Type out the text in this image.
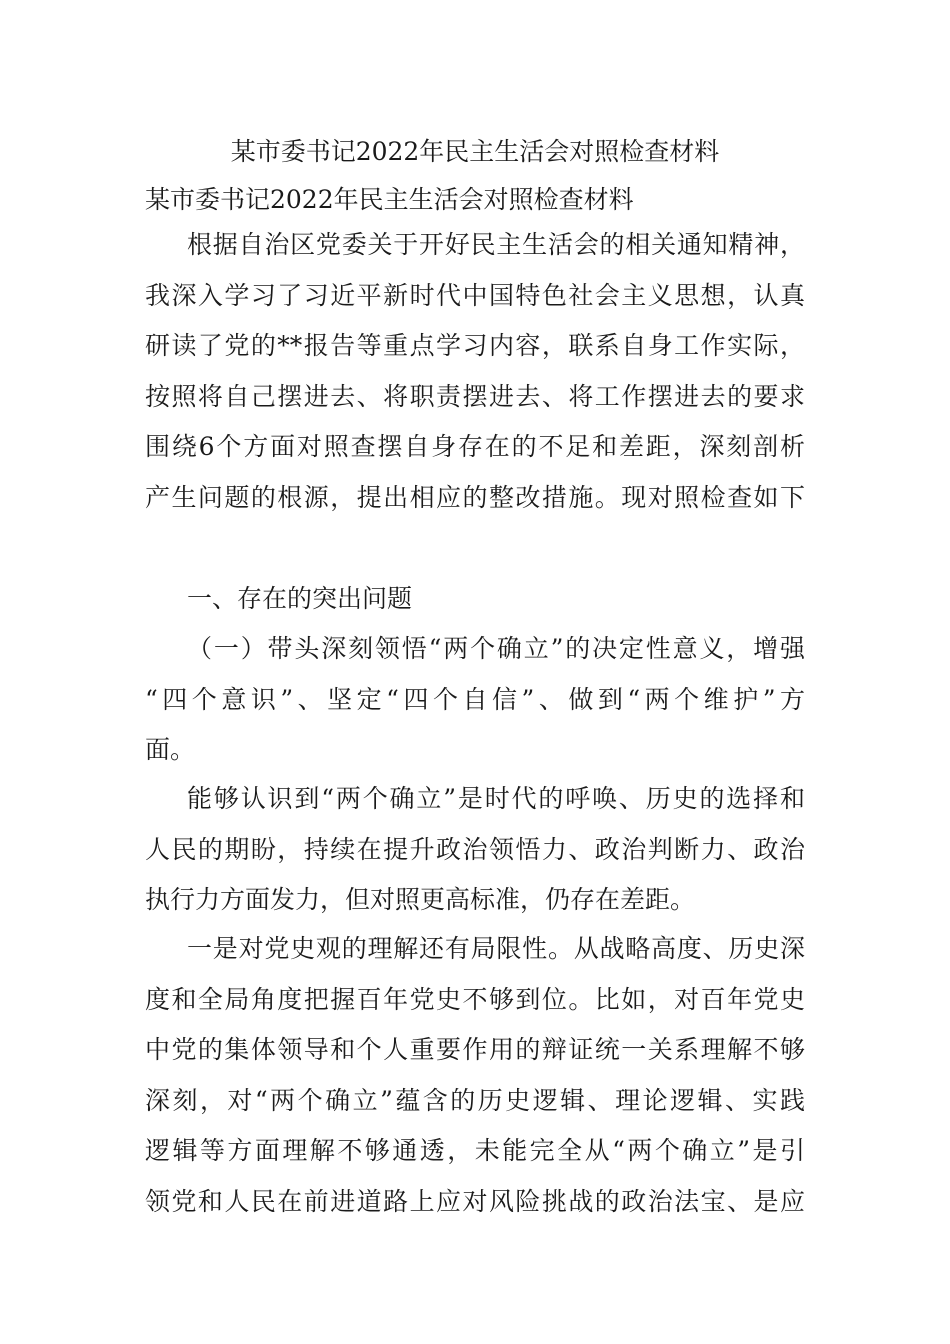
某市委书记2022年民主生活会对照检查材料
某市委书记2022年民主生活会对照检查材料
根据自治区党委关于开好民主生活会的相关通知精神，
我深入学习了习近平新时代中国特色社会主义思想，认真
研读了党的**报告等重点学习内容，联系自身工作实际，
按照将自己摆进去、将职责摆进去、将工作摆进去的要求
围绕6个方面对照查摆自身存在的不足和差距，深刻剖析
产生问题的根源，提出相应的整改措施。现对照检查如下
一、存在的突出问题
（一）带头深刻领悟“两个确立”的决定性意义，增强
“四个意识”、坚定“四个自信”、做到“两个维护”方
面。
能够认识到“两个确立”是时代的呼唤、历史的选择和
人民的期盼，持续在提升政治领悟力、政治判断力、政治
执行力方面发力，但对照更高标准，仍存在差距。
一是对党史观的理解还有局限性。从战略高度、历史深
度和全局角度把握百年党史不够到位。比如，对百年党史
中党的集体领导和个人重要作用的辩证统一关系理解不够
深刻，对“两个确立”蕴含的历史逻辑、理论逻辑、实践
逻辑等方面理解不够通透，未能完全从“两个确立”是引
领党和人民在前进道路上应对风险挑战的政治法宝、是应
